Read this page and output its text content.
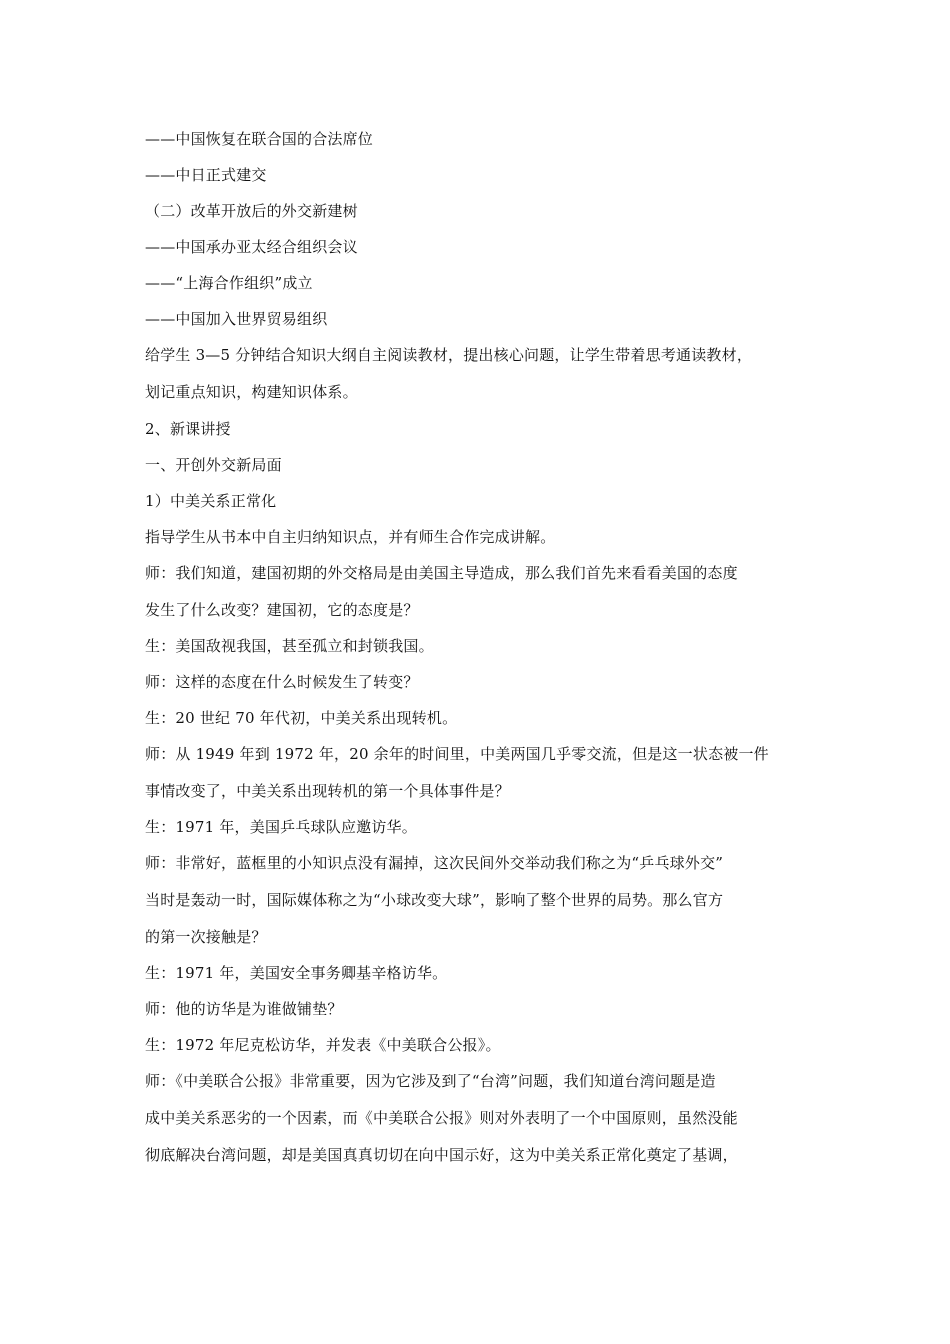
——中国恢复在联合国的合法席位
——中日正式建交
（二）改革开放后的外交新建树
——中国承办亚太经合组织会议
——“上海合作组织”成立
——中国加入世界贸易组织
给学生 3—5 分钟结合知识大纲自主阅读教材，提出核心问题，让学生带着思考通读教材，
划记重点知识，构建知识体系。
2、新课讲授
一、开创外交新局面
1）中美关系正常化
指导学生从书本中自主归纳知识点，并有师生合作完成讲解。
师：我们知道，建国初期的外交格局是由美国主导造成，那么我们首先来看看美国的态度
发生了什么改变？建国初，它的态度是？
生：美国敌视我国，甚至孤立和封锁我国。
师：这样的态度在什么时候发生了转变？
生：20 世纪 70 年代初，中美关系出现转机。
师：从 1949 年到 1972 年，20 余年的时间里，中美两国几乎零交流，但是这一状态被一件
事情改变了，中美关系出现转机的第一个具体事件是？
生：1971 年，美国乒乓球队应邀访华。
师：非常好，蓝框里的小知识点没有漏掉，这次民间外交举动我们称之为“乒乓球外交”
当时是轰动一时，国际媒体称之为“小球改变大球”，影响了整个世界的局势。那么官方
的第一次接触是？
生：1971 年，美国安全事务卿基辛格访华。
师：他的访华是为谁做铺垫？
生：1972 年尼克松访华，并发表《中美联合公报》。
师：《中美联合公报》非常重要，因为它涉及到了“台湾”问题，我们知道台湾问题是造
成中美关系恶劣的一个因素，而《中美联合公报》则对外表明了一个中国原则，虽然没能
彻底解决台湾问题，却是美国真真切切在向中国示好，这为中美关系正常化奠定了基调，
